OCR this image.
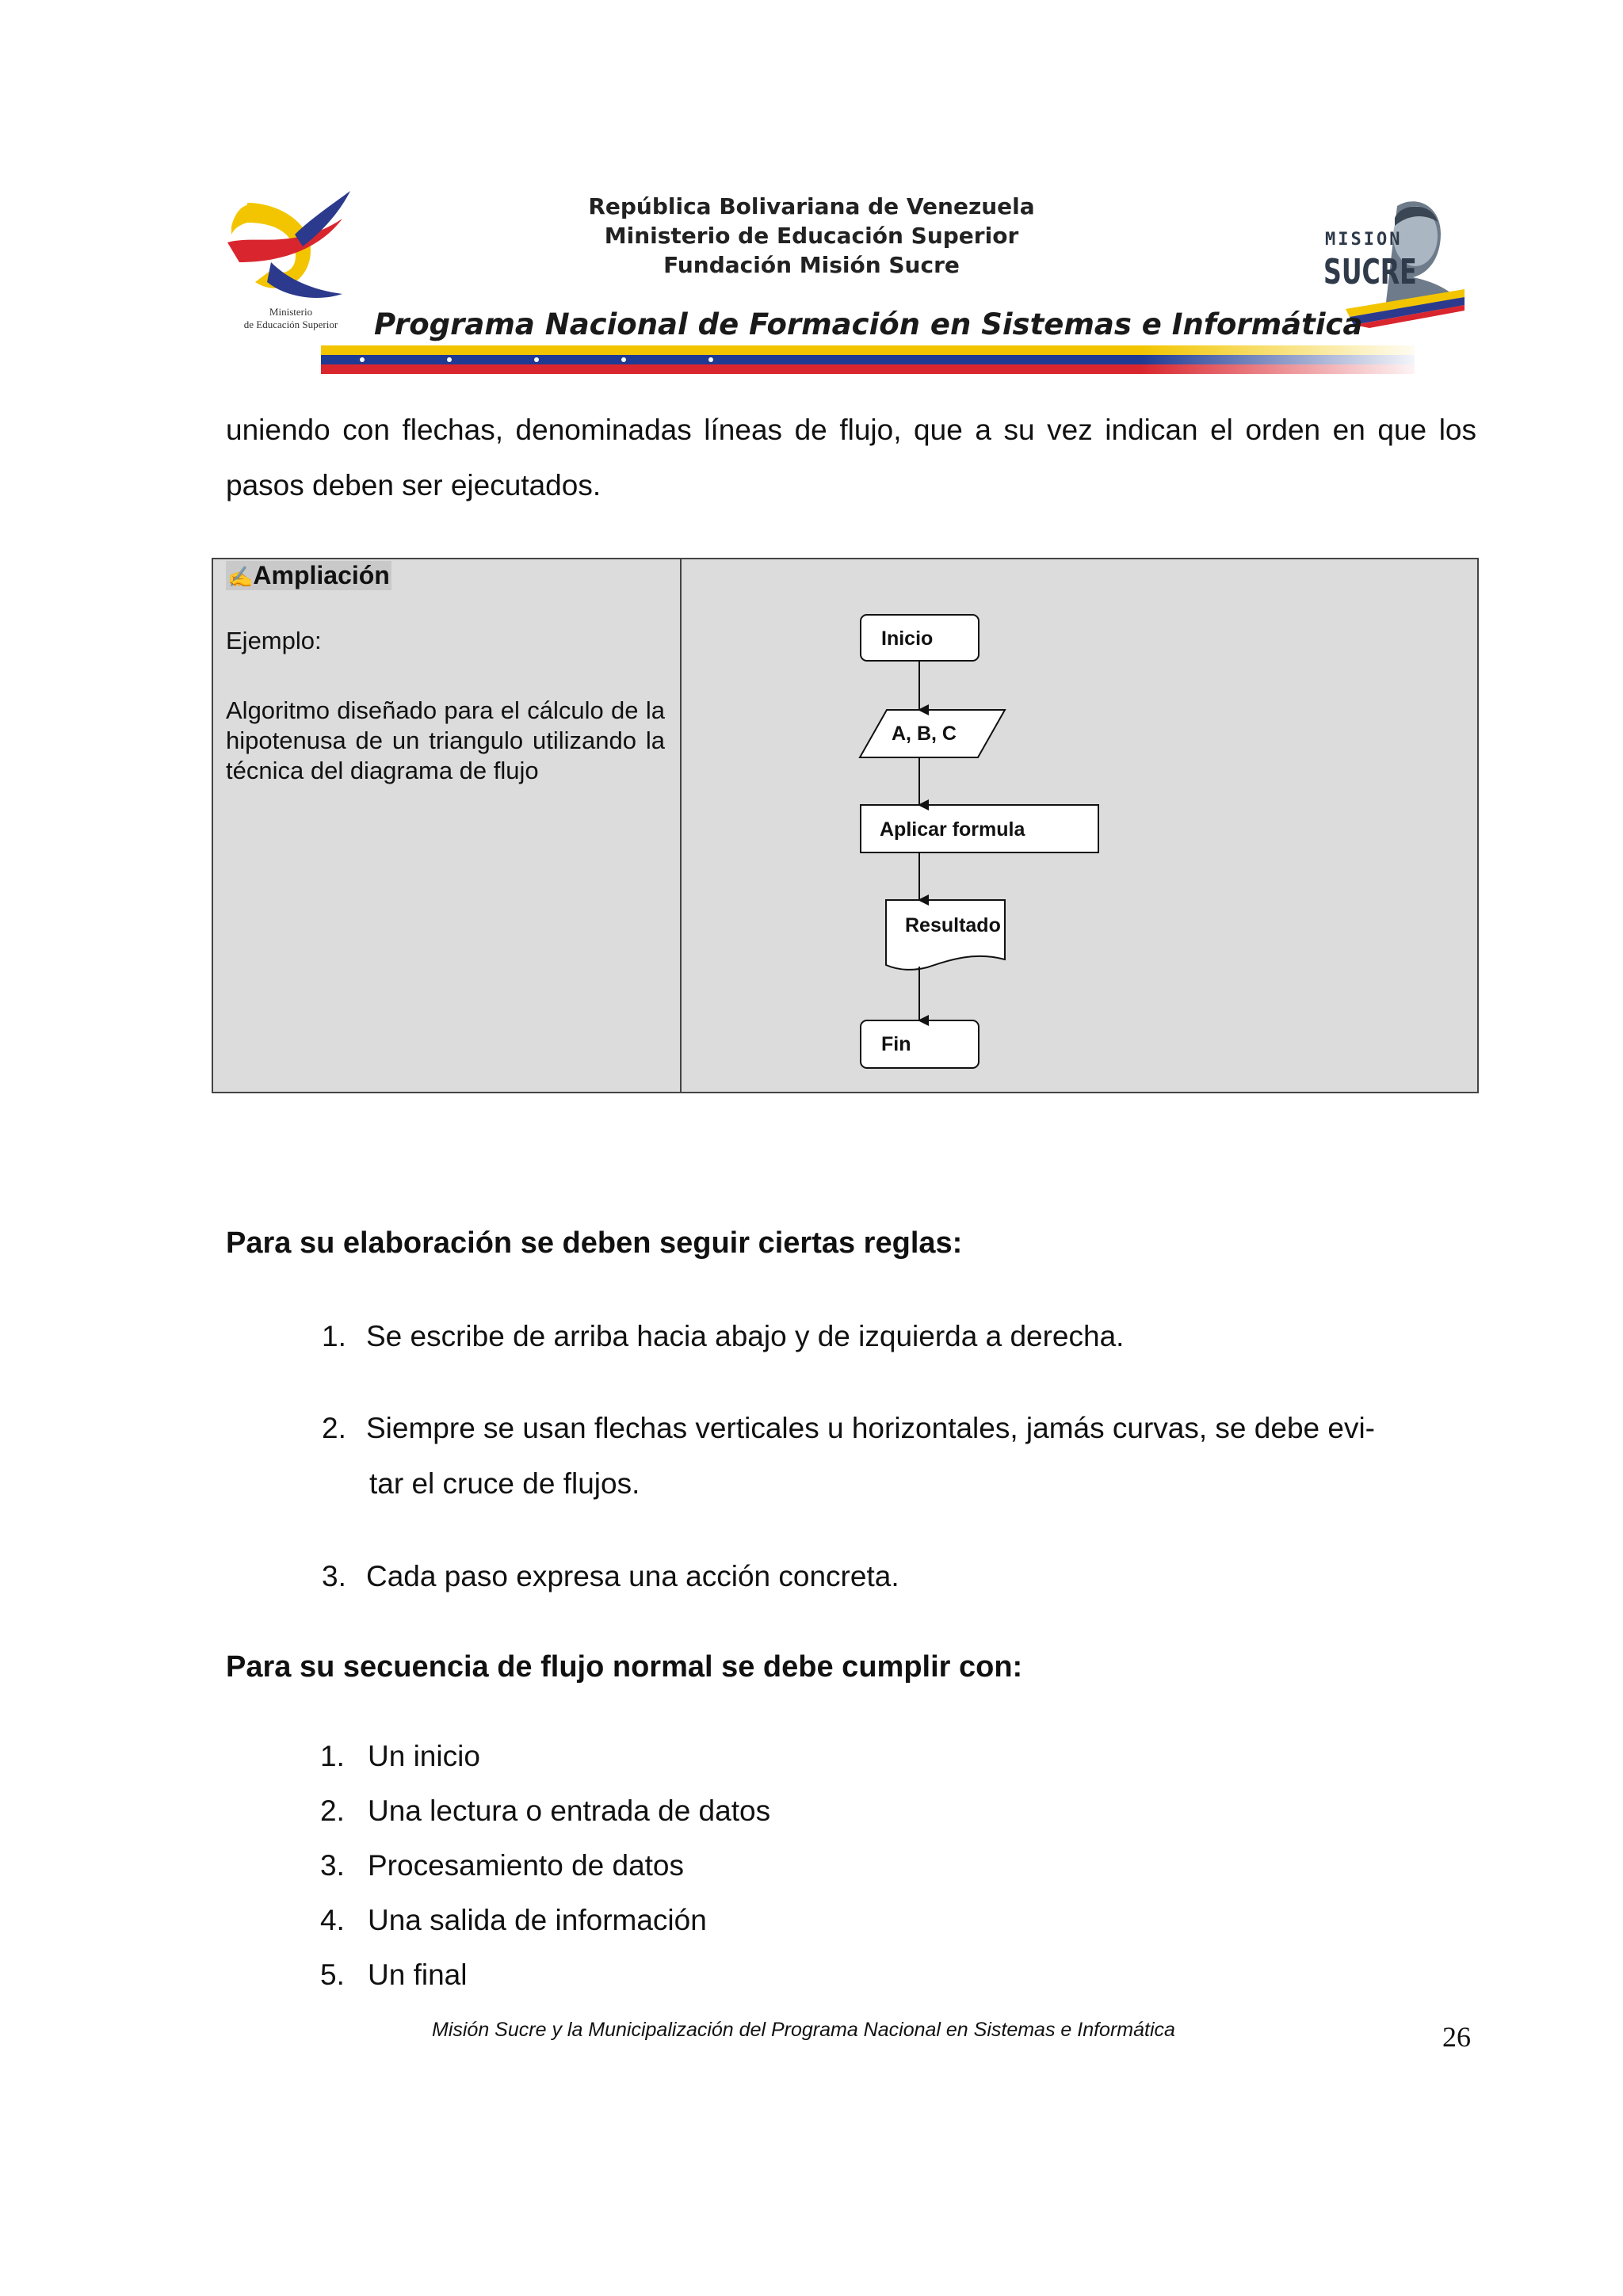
Ministerio
de Educación Superior
República Bolivariana de Venezuela
Ministerio de Educación Superior
Fundación Misión Sucre
MISION
SUCRE
Programa Nacional de Formación en Sistemas e Informática
uniendo con flechas, denominadas líneas de flujo, que a su vez indican el orden en que los pasos deben ser ejecutados.
✍Ampliación
Ejemplo:
Algoritmo diseñado para el cálculo de la hipotenusa de un triangulo utilizando la técnica del diagrama de flujo
Inicio
A, B, C
Aplicar formula
Resultado
Fin
Para su elaboración se deben seguir ciertas reglas:
1. Se escribe de arriba hacia abajo y de izquierda a derecha.
2. Siempre se usan flechas verticales u horizontales, jamás curvas, se debe evi-
tar el cruce de flujos.
3. Cada paso expresa una acción concreta.
Para su secuencia de flujo normal se debe cumplir con:
1. Un inicio
2. Una lectura o entrada de datos
3. Procesamiento de datos
4. Una salida de información
5. Un final
Misión Sucre y la Municipalización del Programa Nacional en Sistemas e Informática	26
